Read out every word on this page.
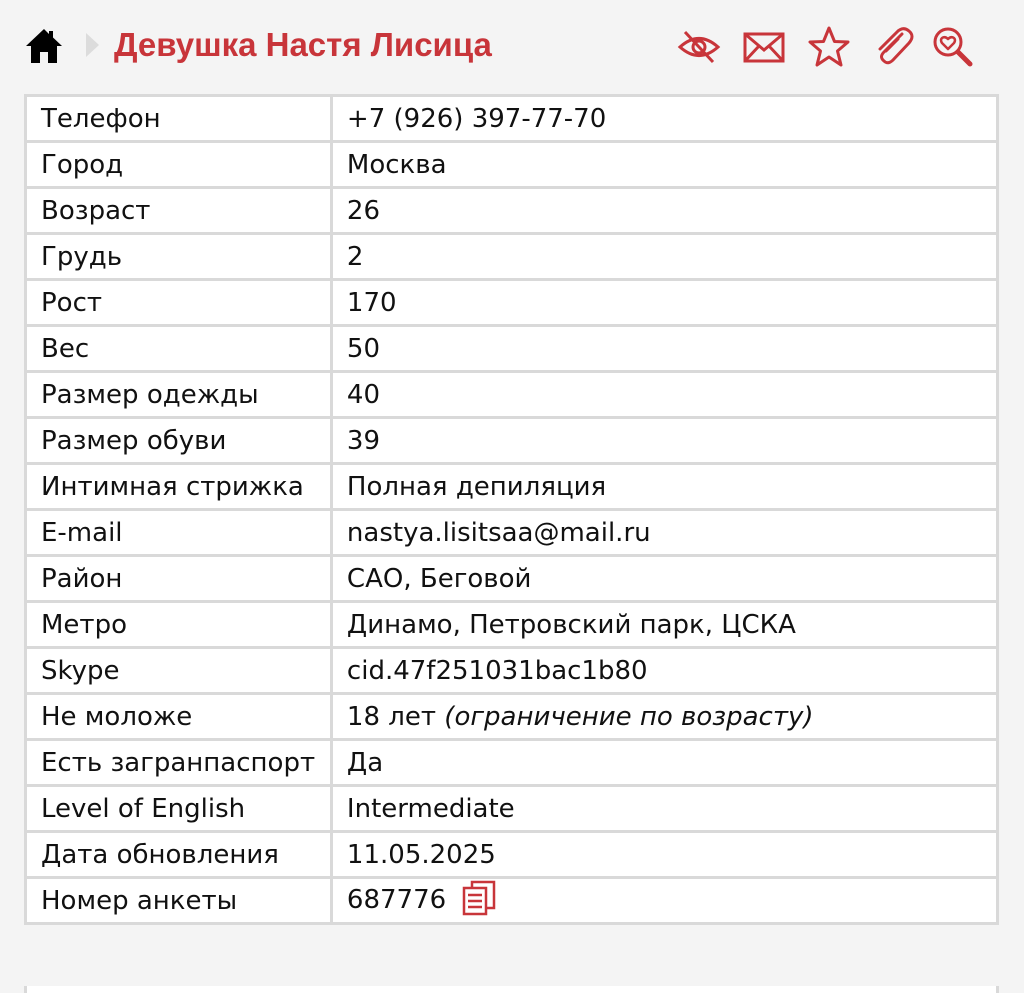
Девушка Настя Лисица
Телефон	+7 (926) 397-77-70
Город	Москва
Возраст	26
Грудь	2
Рост	170
Вес	50
Размер одежды	40
Размер обуви	39
Интимная стрижка	Полная депиляция
E-mail	nastya.lisitsaa@mail.ru
Район	САО, Беговой
Метро	Динамо, Петровский парк, ЦСКА
Skype	cid.47f251031bac1b80
Не моложе	18 лет (ограничение по возрасту)
Есть загранпаспорт	Да
Level of English	Intermediate
Дата обновления	11.05.2025
Номер анкеты	687776
